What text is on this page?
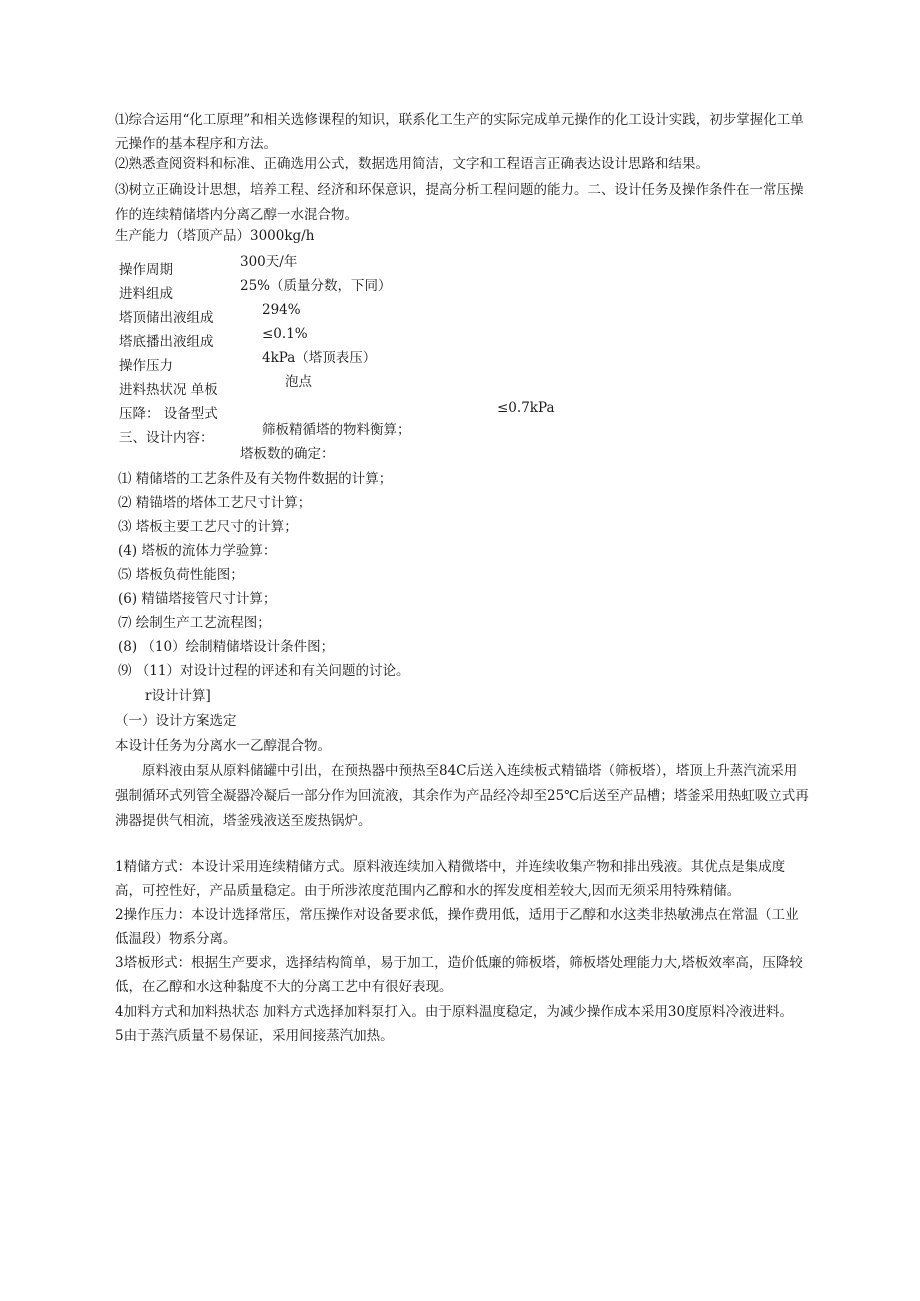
⑴综合运用“化工原理”和相关选修课程的知识，联系化工生产的实际完成单元操作的化工设计实践，初步掌握化工单元操作的基本程序和方法。
⑵熟悉查阅资料和标准、正确选用公式，数据选用简洁，文字和工程语言正确表达设计思路和结果。
⑶树立正确设计思想，培养工程、经济和环保意识，提高分析工程问题的能力。二、设计任务及操作条件在一常压操作的连续精储塔内分离乙醇一水混合物。
生产能力（塔顶产品）3000kg/h
操作周期
进料组成
塔顶储出液组成
塔底播出液组成
操作压力
进料热状况 单板
压降： 设备型式
三、设计内容：
300天/年
25%（质量分数，下同）
294%
≤0.1%
4kPa（塔顶表压）
泡点
≤0.7kPa
筛板精循塔的物料衡算；
塔板数的确定：
⑴ 精储塔的工艺条件及有关物件数据的计算；
⑵ 精锚塔的塔体工艺尺寸计算；
⑶ 塔板主要工艺尺寸的计算；
(4) 塔板的流体力学验算：
⑸ 塔板负荷性能图；
(6) 精锚塔接管尺寸计算；
⑺ 绘制生产工艺流程图；
(8) （10）绘制精储塔设计条件图；
⑼ （11）对设计过程的评述和有关问题的讨论。
r设计计算]
（一）设计方案选定
本设计任务为分离水一乙醇混合物。
原料液由泵从原料储罐中引出，在预热器中预热至84C后送入连续板式精锚塔（筛板塔），塔顶上升蒸汽流采用强制循环式列管全凝器冷凝后一部分作为回流液，其余作为产品经冷却至25℃后送至产品槽；塔釜采用热虹吸立式再沸器提供气相流，塔釜残液送至废热锅炉。
1精储方式：本设计采用连续精储方式。原料液连续加入精微塔中，并连续收集产物和排出残液。其优点是集成度高，可控性好，产品质量稳定。由于所涉浓度范围内乙醇和水的挥发度相差较大,因而无须采用特殊精储。
2操作压力：本设计选择常压，常压操作对设备要求低，操作费用低，适用于乙醇和水这类非热敏沸点在常温（工业低温段）物系分离。
3塔板形式：根据生产要求，选择结构简单，易于加工，造价低廉的筛板塔，筛板塔处理能力大,塔板效率高，压降较低，在乙醇和水这种黏度不大的分离工艺中有很好表现。
4加料方式和加料热状态 加料方式选择加料泵打入。由于原料温度稳定，为减少操作成本采用30度原料冷液进料。
5由于蒸汽质量不易保证，采用间接蒸汽加热。
